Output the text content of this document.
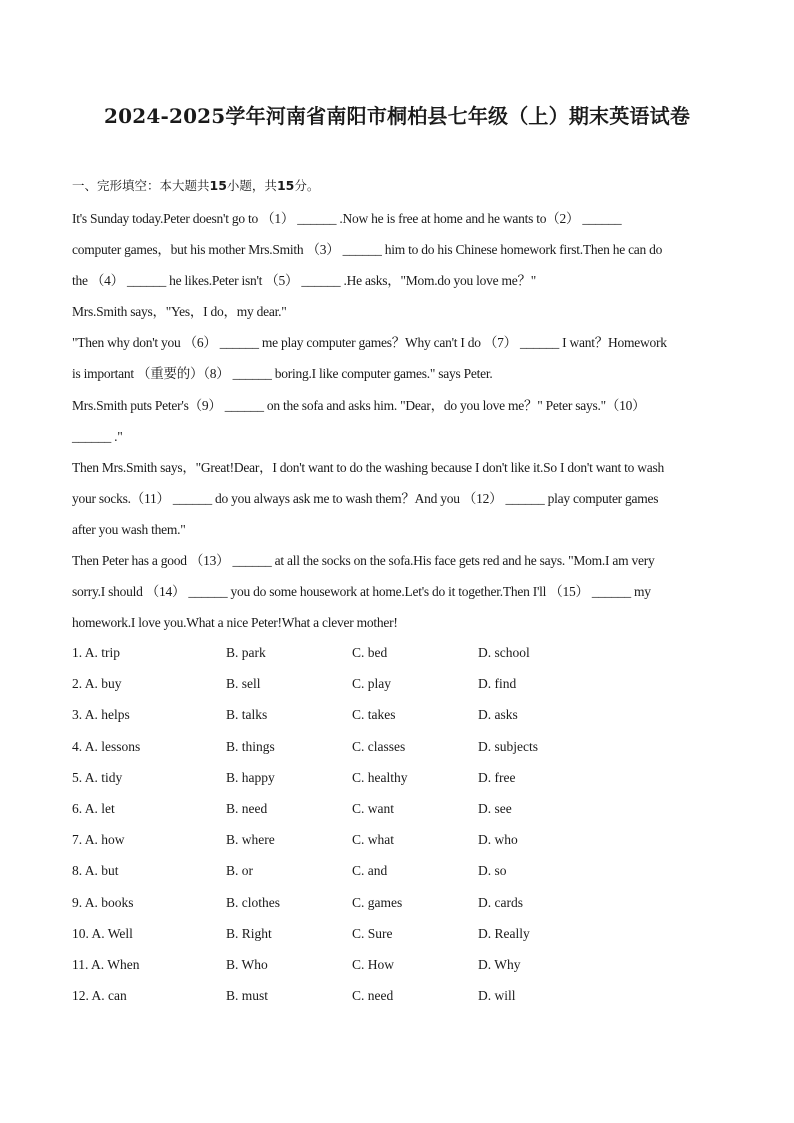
2024-2025学年河南省南阳市桐柏县七年级（上）期末英语试卷
一、完形填空：本大题共15小题，共15分。
It's Sunday today.Peter doesn't go to （1） ______ .Now he is free at home and he wants to（2） ______
computer games，but his mother Mrs.Smith （3） ______ him to do his Chinese homework first.Then he can do
the （4） ______ he likes.Peter isn't （5） ______ .He asks，"Mom.do you love me？"
Mrs.Smith says，"Yes，I do，my dear."
"Then why don't you （6） ______ me play computer games？Why can't I do （7） ______ I want？Homework
is important （重要的）（8） ______ boring.I like computer games." says Peter.
Mrs.Smith puts Peter's（9） ______ on the sofa and asks him. "Dear，do you love me？" Peter says."（10）
______ ."
Then Mrs.Smith says，"Great!Dear，I don't want to do the washing because I don't like it.So I don't want to wash
your socks.（11） ______ do you always ask me to wash them？And you （12） ______ play computer games
after you wash them."
Then Peter has a good （13） ______ at all the socks on the sofa.His face gets red and he says. "Mom.I am very
sorry.I should （14） ______ you do some housework at home.Let's do it together.Then I'll （15） ______ my
homework.I love you.What a nice Peter!What a clever mother!
1. A. trip	B. park	C. bed	D. school
2. A. buy	B. sell	C. play	D. find
3. A. helps	B. talks	C. takes	D. asks
4. A. lessons	B. things	C. classes	D. subjects
5. A. tidy	B. happy	C. healthy	D. free
6. A. let	B. need	C. want	D. see
7. A. how	B. where	C. what	D. who
8. A. but	B. or	C. and	D. so
9. A. books	B. clothes	C. games	D. cards
10. A. Well	B. Right	C. Sure	D. Really
11. A. When	B. Who	C. How	D. Why
12. A. can	B. must	C. need	D. will
